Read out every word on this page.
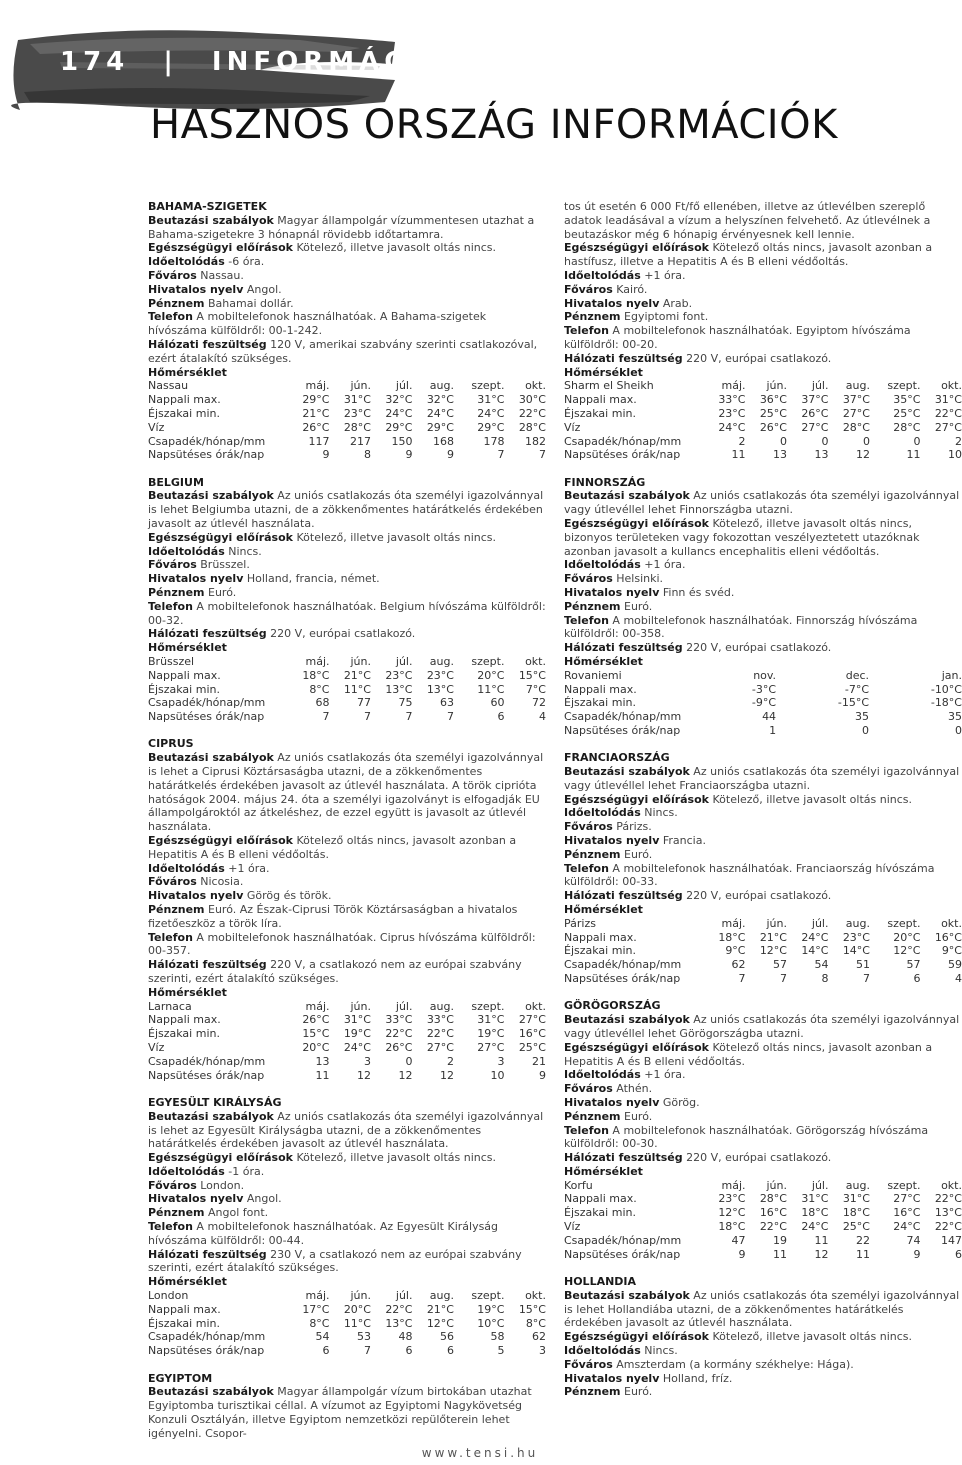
174 | INFORMÁCIÓK
HASZNOS ORSZÁG INFORMÁCIÓK

BAHAMA-SZIGETEK

Beutazási szabályok Magyar állampolgár vízummentesen utazhat a Bahama-szigetekre 3 hónapnál rövidebb időtartamra.

Egészségügyi előírások Kötelező, illetve javasolt oltás nincs.

Időeltolódás -6 óra.

Főváros Nassau.

Hivatalos nyelv Angol.

Pénznem Bahamai dollár.

Telefon A mobiltelefonok használhatóak. A Bahama-szigetek hívószáma külföldről: 00-1-242.

Hálózati feszültség 120 V, amerikai szabvány szerinti csatlakozóval, ezért átalakító szükséges.

Hőmérséklet

Nassau	máj.	jún.	júl.	aug.	szept.	okt.
Nappali max.	29°C	31°C	32°C	32°C	31°C	30°C
Éjszakai min.	21°C	23°C	24°C	24°C	24°C	22°C
Víz	26°C	28°C	29°C	29°C	29°C	28°C
Csapadék/hónap/mm	117	217	150	168	178	182
Napsütéses órák/nap	9	8	9	9	7	7

BELGIUM

Beutazási szabályok Az uniós csatlakozás óta személyi igazolvánnyal is lehet Belgiumba utazni, de a zökkenőmentes határátkelés érdekében javasolt az útlevél használata.

Egészségügyi előírások Kötelező, illetve javasolt oltás nincs.

Időeltolódás Nincs.

Főváros Brüsszel.

Hivatalos nyelv Holland, francia, német.

Pénznem Euró.

Telefon A mobiltelefonok használhatóak. Belgium hívószáma külföldről: 00-32.

Hálózati feszültség 220 V, európai csatlakozó.

Hőmérséklet

Brüsszel	máj.	jún.	júl.	aug.	szept.	okt.
Nappali max.	18°C	21°C	23°C	23°C	20°C	15°C
Éjszakai min.	8°C	11°C	13°C	13°C	11°C	7°C
Csapadék/hónap/mm	68	77	75	63	60	72
Napsütéses órák/nap	7	7	7	7	6	4

CIPRUS

Beutazási szabályok Az uniós csatlakozás óta személyi igazolvánnyal is lehet a Ciprusi Köztársaságba utazni, de a zökkenőmentes határátkelés érdekében javasolt az útlevél használata. A török cipriótа hatóságok 2004. május 24. óta a személyi igazolványt is elfogadják EU állampolgároktól az átkeléshez, de ezzel együtt is javasolt az útlevél használata.

Egészségügyi előírások Kötelező oltás nincs, javasolt azonban a Hepatitis A és B elleni védőoltás.

Időeltolódás +1 óra.

Főváros Nicosia.

Hivatalos nyelv Görög és török.

Pénznem Euró. Az Észak-Ciprusi Török Köztársaságban a hivatalos fizetőeszköz a török líra.

Telefon A mobiltelefonok használhatóak. Ciprus hívószáma külföldről: 00-357.

Hálózati feszültség 220 V, a csatlakozó nem az európai szabvány szerinti, ezért átalakító szükséges.

Hőmérséklet

Larnaca	máj.	jún.	júl.	aug.	szept.	okt.
Nappali max.	26°C	31°C	33°C	33°C	31°C	27°C
Éjszakai min.	15°C	19°C	22°C	22°C	19°C	16°C
Víz	20°C	24°C	26°C	27°C	27°C	25°C
Csapadék/hónap/mm	13	3	0	2	3	21
Napsütéses órák/nap	11	12	12	12	10	9

EGYESÜLT KIRÁLYSÁG

Beutazási szabályok Az uniós csatlakozás óta személyi igazolvánnyal is lehet az Egyesült Királyságba utazni, de a zökkenőmentes határátkelés érdekében javasolt az útlevél használata.

Egészségügyi előírások Kötelező, illetve javasolt oltás nincs.

Időeltolódás -1 óra.

Főváros London.

Hivatalos nyelv Angol.

Pénznem Angol font.

Telefon A mobiltelefonok használhatóak. Az Egyesült Királyság hívószáma külföldről: 00-44.

Hálózati feszültség 230 V, a csatlakozó nem az európai szabvány szerinti, ezért átalakító szükséges.

Hőmérséklet

London	máj.	jún.	júl.	aug.	szept.	okt.
Nappali max.	17°C	20°C	22°C	21°C	19°C	15°C
Éjszakai min.	8°C	11°C	13°C	12°C	10°C	8°C
Csapadék/hónap/mm	54	53	48	56	58	62
Napsütéses órák/nap	6	7	6	6	5	3

EGYIPTOM

Beutazási szabályok Magyar állampolgár vízum birtokában utazhat Egyiptomba turisztikai céllal. A vízumot az Egyiptomi Nagykövetség Konzuli Osztályán, illetve Egyiptom nemzetközi repülőterein lehet igényelni. Csopor-

tos út esetén 6 000 Ft/fő ellenében, illetve az útlevélben szereplő adatok leadásával a vízum a helyszínen felvehető. Az útlevélnek a beutazáskor még 6 hónapig érvényesnek kell lennie.

Egészségügyi előírások Kötelező oltás nincs, javasolt azonban a hastífusz, illetve a Hepatitis A és B elleni védőoltás.

Időeltolódás +1 óra.

Főváros Kairó.

Hivatalos nyelv Arab.

Pénznem Egyiptomi font.

Telefon A mobiltelefonok használhatóak. Egyiptom hívószáma külföldről: 00-20.

Hálózati feszültség 220 V, európai csatlakozó.

Hőmérséklet

Sharm el Sheikh	máj.	jún.	júl.	aug.	szept.	okt.
Nappali max.	33°C	36°C	37°C	37°C	35°C	31°C
Éjszakai min.	23°C	25°C	26°C	27°C	25°C	22°C
Víz	24°C	26°C	27°C	28°C	28°C	27°C
Csapadék/hónap/mm	2	0	0	0	0	2
Napsütéses órák/nap	11	13	13	12	11	10

FINNORSZÁG

Beutazási szabályok Az uniós csatlakozás óta személyi igazolvánnyal vagy útlevéllel lehet Finnországba utazni.

Egészségügyi előírások Kötelező, illetve javasolt oltás nincs, bizonyos területeken vagy fokozottan veszélyeztetett utazóknak azonban javasolt a kullancs encephalitis elleni védőoltás.

Időeltolódás +1 óra.

Főváros Helsinki.

Hivatalos nyelv Finn és svéd.

Pénznem Euró.

Telefon A mobiltelefonok használhatóak. Finnország hívószáma külföldről: 00-358.

Hálózati feszültség 220 V, európai csatlakozó.

Hőmérséklet

Rovaniemi	nov.	dec.	jan.
Nappali max.	-3°C	-7°C	-10°C
Éjszakai min.	-9°C	-15°C	-18°C
Csapadék/hónap/mm	44	35	35
Napsütéses órák/nap	1	0	0

FRANCIAORSZÁG

Beutazási szabályok Az uniós csatlakozás óta személyi igazolvánnyal vagy útlevéllel lehet Franciaországba utazni.

Egészségügyi előírások Kötelező, illetve javasolt oltás nincs.

Időeltolódás Nincs.

Főváros Párizs.

Hivatalos nyelv Francia.

Pénznem Euró.

Telefon A mobiltelefonok használhatóak. Franciaország hívószáma külföldről: 00-33.

Hálózati feszültség 220 V, európai csatlakozó.

Hőmérséklet

Párizs	máj.	jún.	júl.	aug.	szept.	okt.
Nappali max.	18°C	21°C	24°C	23°C	20°C	16°C
Éjszakai min.	9°C	12°C	14°C	14°C	12°C	9°C
Csapadék/hónap/mm	62	57	54	51	57	59
Napsütéses órák/nap	7	7	8	7	6	4

GÖRÖGORSZÁG

Beutazási szabályok Az uniós csatlakozás óta személyi igazolvánnyal vagy útlevéllel lehet Görögországba utazni.

Egészségügyi előírások Kötelező oltás nincs, javasolt azonban a Hepatitis A és B elleni védőoltás.

Időeltolódás +1 óra.

Főváros Athén.

Hivatalos nyelv Görög.

Pénznem Euró.

Telefon A mobiltelefonok használhatóak. Görögország hívószáma külföldről: 00-30.

Hálózati feszültség 220 V, európai csatlakozó.

Hőmérséklet

Korfu	máj.	jún.	júl.	aug.	szept.	okt.
Nappali max.	23°C	28°C	31°C	31°C	27°C	22°C
Éjszakai min.	12°C	16°C	18°C	18°C	16°C	13°C
Víz	18°C	22°C	24°C	25°C	24°C	22°C
Csapadék/hónap/mm	47	19	11	22	74	147
Napsütéses órák/nap	9	11	12	11	9	6

HOLLANDIA

Beutazási szabályok Az uniós csatlakozás óta személyi igazolvánnyal is lehet Hollandiába utazni, de a zökkenőmentes határátkelés érdekében javasolt az útlevél használata.

Egészségügyi előírások Kötelező, illetve javasolt oltás nincs.

Időeltolódás Nincs.

Főváros Amszterdam (a kormány székhelye: Hága).

Hivatalos nyelv Holland, fríz.

Pénznem Euró.

www.tensi.hu
